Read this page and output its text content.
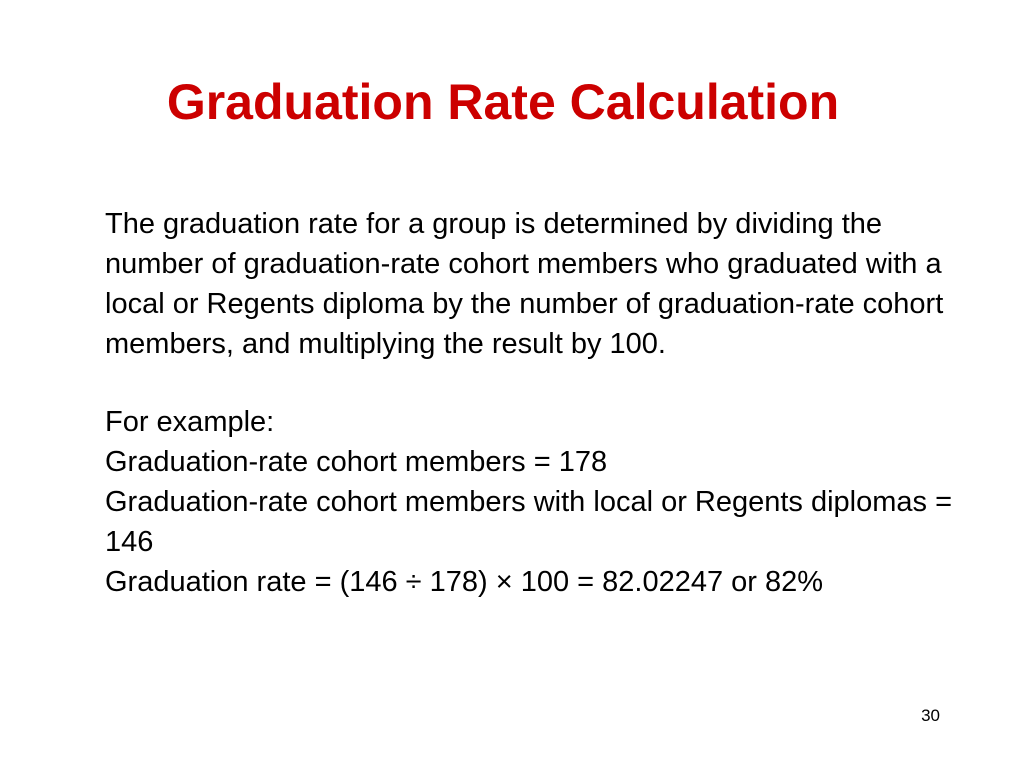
Graduation Rate Calculation

The graduation rate for a group is determined by dividing the number of graduation-rate cohort members who graduated with a local or Regents diploma by the number of graduation-rate cohort members, and multiplying the result by 100.

For example:

Graduation-rate cohort members = 178

Graduation-rate cohort members with local or Regents diplomas = 146

Graduation rate = (146 ÷ 178) × 100 = 82.02247 or 82%

30
